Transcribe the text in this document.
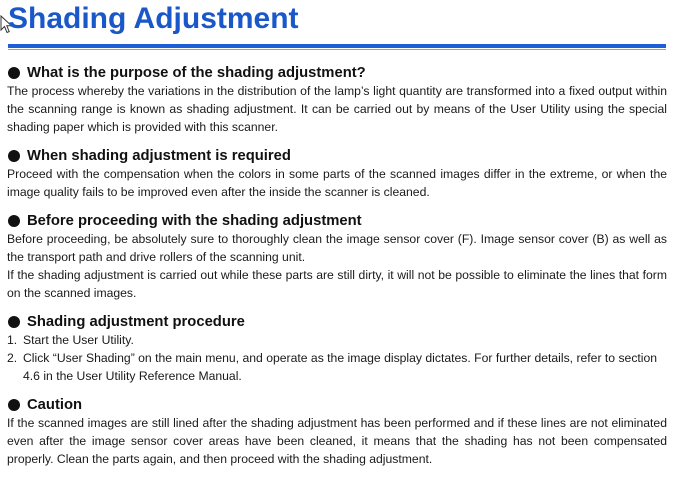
Shading Adjustment
What is the purpose of the shading adjustment?

The process whereby the variations in the distribution of the lamp’s light quantity are transformed into a fixed output within the scanning range is known as shading adjustment. It can be carried out by means of the User Utility using the special shading paper which is provided with this scanner.

When shading adjustment is required

Proceed with the compensation when the colors in some parts of the scanned images differ in the extreme, or when the image quality fails to be improved even after the inside the scanner is cleaned.

Before proceeding with the shading adjustment

Before proceeding, be absolutely sure to thoroughly clean the image sensor cover (F). Image sensor cover (B) as well as the transport path and drive rollers of the scanning unit.

If the shading adjustment is carried out while these parts are still dirty, it will not be possible to eliminate the lines that form on the scanned images.

Shading adjustment procedure
1. Start the User Utility.
2. Click “User Shading” on the main menu, and operate as the image display dictates. For further details, refer to section 4.6 in the User Utility Reference Manual.
Caution

If the scanned images are still lined after the shading adjustment has been performed and if these lines are not eliminated even after the image sensor cover areas have been cleaned, it means that the shading has not been compensated properly. Clean the parts again, and then proceed with the shading adjustment.
